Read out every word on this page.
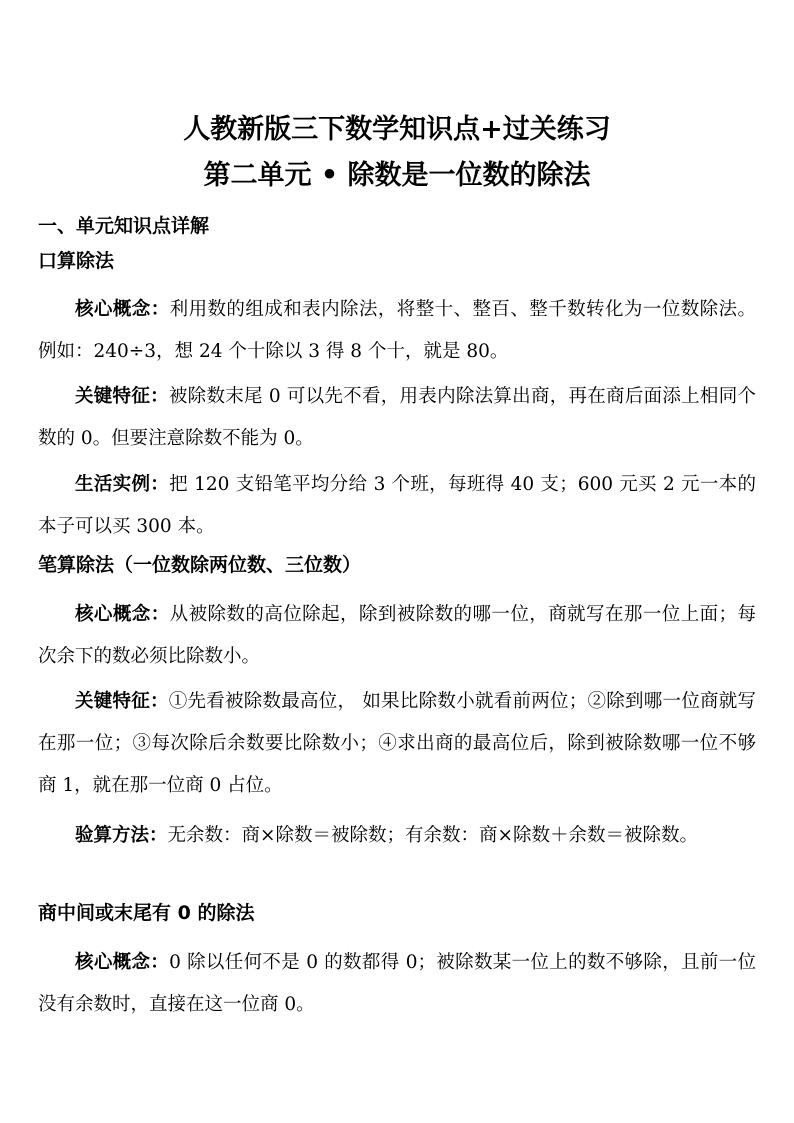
人教新版三下数学知识点+过关练习
第二单元 • 除数是一位数的除法
一、单元知识点详解
口算除法
核心概念：利用数的组成和表内除法，将整十、整百、整千数转化为一位数除法。例如：240÷3，想 24 个十除以 3 得 8 个十，就是 80。
关键特征：被除数末尾 0 可以先不看，用表内除法算出商，再在商后面添上相同个数的 0。但要注意除数不能为 0。
生活实例：把 120 支铅笔平均分给 3 个班，每班得 40 支；600 元买 2 元一本的本子可以买 300 本。
笔算除法（一位数除两位数、三位数）
核心概念：从被除数的高位除起，除到被除数的哪一位，商就写在那一位上面；每次余下的数必须比除数小。
关键特征：①先看被除数最高位， 如果比除数小就看前两位；②除到哪一位商就写在那一位；③每次除后余数要比除数小；④求出商的最高位后，除到被除数哪一位不够商 1，就在那一位商 0 占位。
验算方法：无余数：商×除数＝被除数；有余数：商×除数＋余数＝被除数。
商中间或末尾有 0 的除法
核心概念：0 除以任何不是 0 的数都得 0；被除数某一位上的数不够除，且前一位没有余数时，直接在这一位商 0。
